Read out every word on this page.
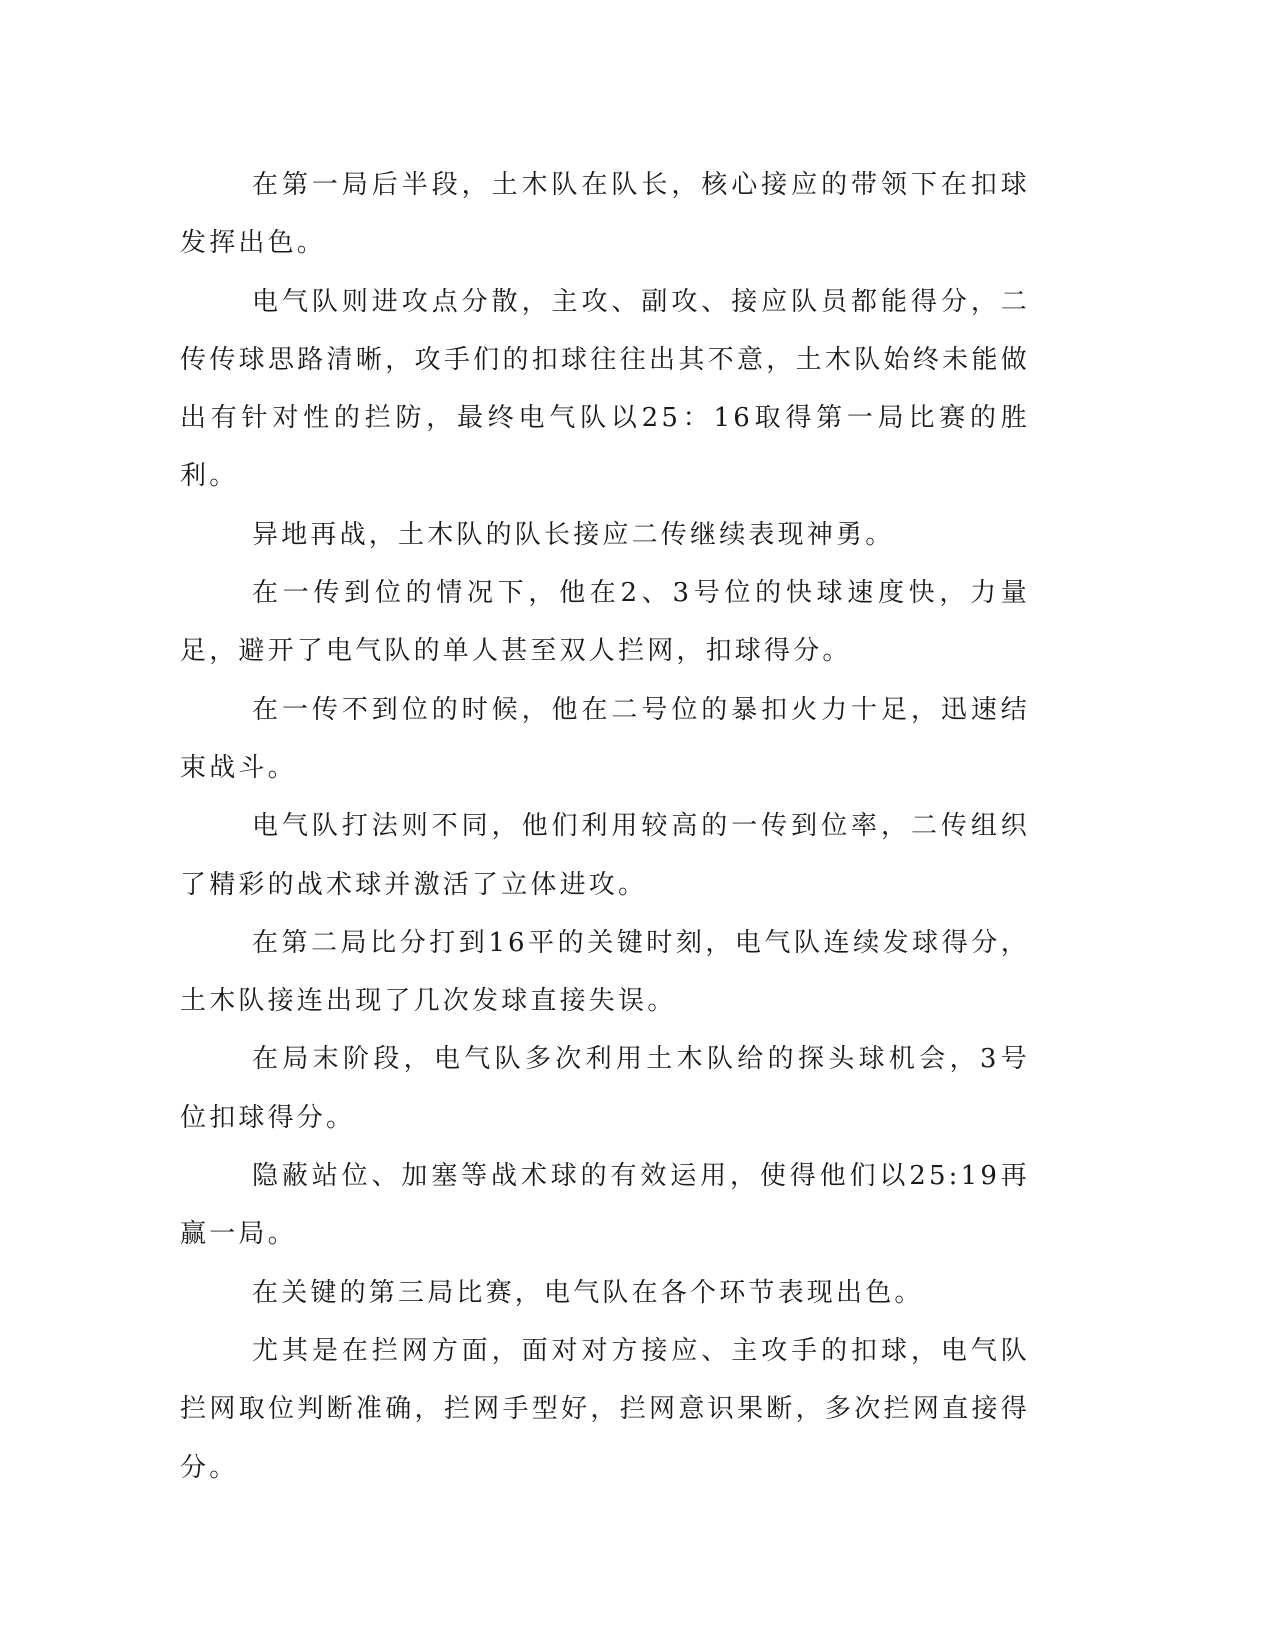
在第一局后半段，土木队在队长，核心接应的带领下在扣球发挥出色。

电气队则进攻点分散，主攻、副攻、接应队员都能得分，二传传球思路清晰，攻手们的扣球往往出其不意，土木队始终未能做出有针对性的拦防，最终电气队以25：16取得第一局比赛的胜利。

异地再战，土木队的队长接应二传继续表现神勇。

在一传到位的情况下，他在2、3号位的快球速度快，力量足，避开了电气队的单人甚至双人拦网，扣球得分。

在一传不到位的时候，他在二号位的暴扣火力十足，迅速结束战斗。

电气队打法则不同，他们利用较高的一传到位率，二传组织了精彩的战术球并激活了立体进攻。

在第二局比分打到16平的关键时刻，电气队连续发球得分，土木队接连出现了几次发球直接失误。

在局末阶段，电气队多次利用土木队给的探头球机会，3号位扣球得分。

隐蔽站位、加塞等战术球的有效运用，使得他们以25:19再赢一局。

在关键的第三局比赛，电气队在各个环节表现出色。

尤其是在拦网方面，面对对方接应、主攻手的扣球，电气队拦网取位判断准确，拦网手型好，拦网意识果断，多次拦网直接得分。
